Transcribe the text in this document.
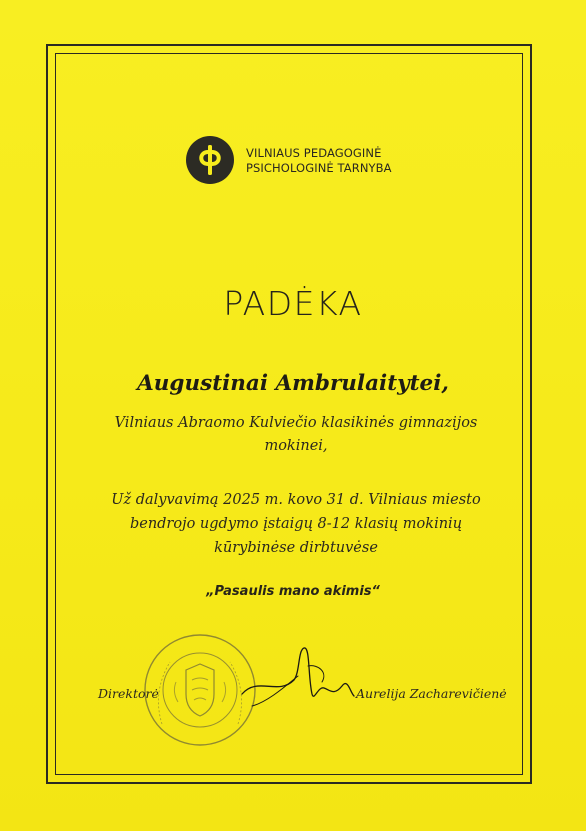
VILNIAUS PEDAGOGINĖ
PSICHOLOGINĖ TARNYBA
PADĖKA
Augustinai Ambrulaitytei,
Vilniaus Abraomo Kulviečio klasikinės gimnazijos
mokinei,
Už dalyvavimą 2025 m. kovo 31 d. Vilniaus miesto
bendrojo ugdymo įstaigų 8-12 klasių mokinių
kūrybinėse dirbtuvėse
„Pasaulis mano akimis“
Direktorė	Aurelija Zacharevičienė
